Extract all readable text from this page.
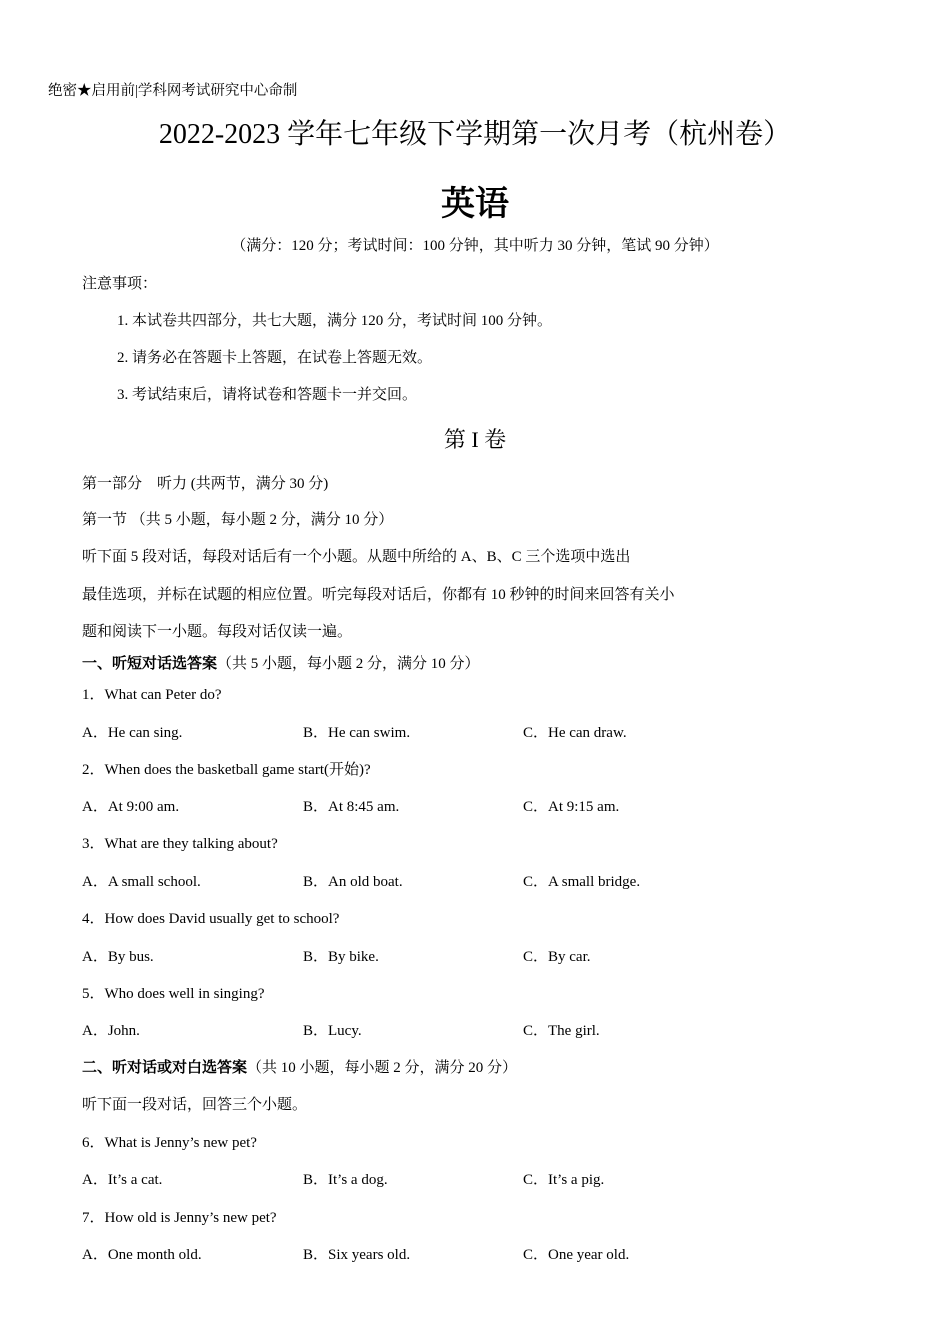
绝密★启用前|学科网考试研究中心命制
2022-2023 学年七年级下学期第一次月考（杭州卷）
英语
（满分：120 分；考试时间：100 分钟，其中听力 30 分钟，笔试 90 分钟）
注意事项：
1. 本试卷共四部分，共七大题，满分 120 分，考试时间 100 分钟。
2. 请务必在答题卡上答题，在试卷上答题无效。
3. 考试结束后，请将试卷和答题卡一并交回。
第 I 卷
第一部分　听力 (共两节，满分 30 分)
第一节 （共 5 小题，每小题 2 分，满分 10 分）
听下面 5 段对话，每段对话后有一个小题。从题中所给的 A、B、C 三个选项中选出
最佳选项，并标在试题的相应位置。听完每段对话后，你都有 10 秒钟的时间来回答有关小
题和阅读下一小题。每段对话仅读一遍。
一、听短对话选答案（共 5 小题，每小题 2 分，满分 10 分）
1．What can Peter do?
A．He can sing.	B．He can swim.	C．He can draw.
2．When does the basketball game start(开始)?
A．At 9:00 am.	B．At 8:45 am.	C．At 9:15 am.
3．What are they talking about?
A．A small school.	B．An old boat.	C．A small bridge.
4．How does David usually get to school?
A．By bus.	B．By bike.	C．By car.
5．Who does well in singing?
A．John.	B．Lucy.	C．The girl.
二、听对话或对白选答案（共 10 小题，每小题 2 分，满分 20 分）
听下面一段对话，回答三个小题。
6．What is Jenny’s new pet?
A．It’s a cat.	B．It’s a dog.	C．It’s a pig.
7．How old is Jenny’s new pet?
A．One month old.	B．Six years old.	C．One year old.
